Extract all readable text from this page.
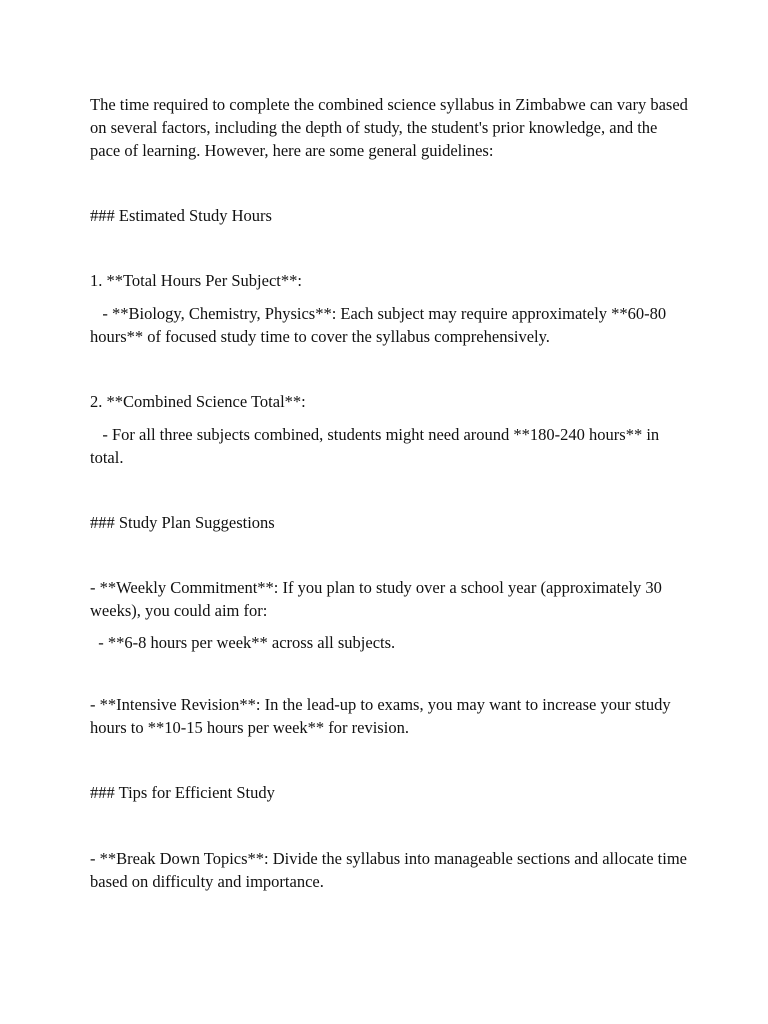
The time required to complete the combined science syllabus in Zimbabwe can vary based on several factors, including the depth of study, the student's prior knowledge, and the pace of learning. However, here are some general guidelines:

### Estimated Study Hours

1. **Total Hours Per Subject**:

- **Biology, Chemistry, Physics**: Each subject may require approximately **60-80 hours** of focused study time to cover the syllabus comprehensively.

2. **Combined Science Total**:

- For all three subjects combined, students might need around **180-240 hours** in total.

### Study Plan Suggestions

- **Weekly Commitment**: If you plan to study over a school year (approximately 30 weeks), you could aim for:

- **6-8 hours per week** across all subjects.

- **Intensive Revision**: In the lead-up to exams, you may want to increase your study hours to **10-15 hours per week** for revision.

### Tips for Efficient Study

- **Break Down Topics**: Divide the syllabus into manageable sections and allocate time based on difficulty and importance.
